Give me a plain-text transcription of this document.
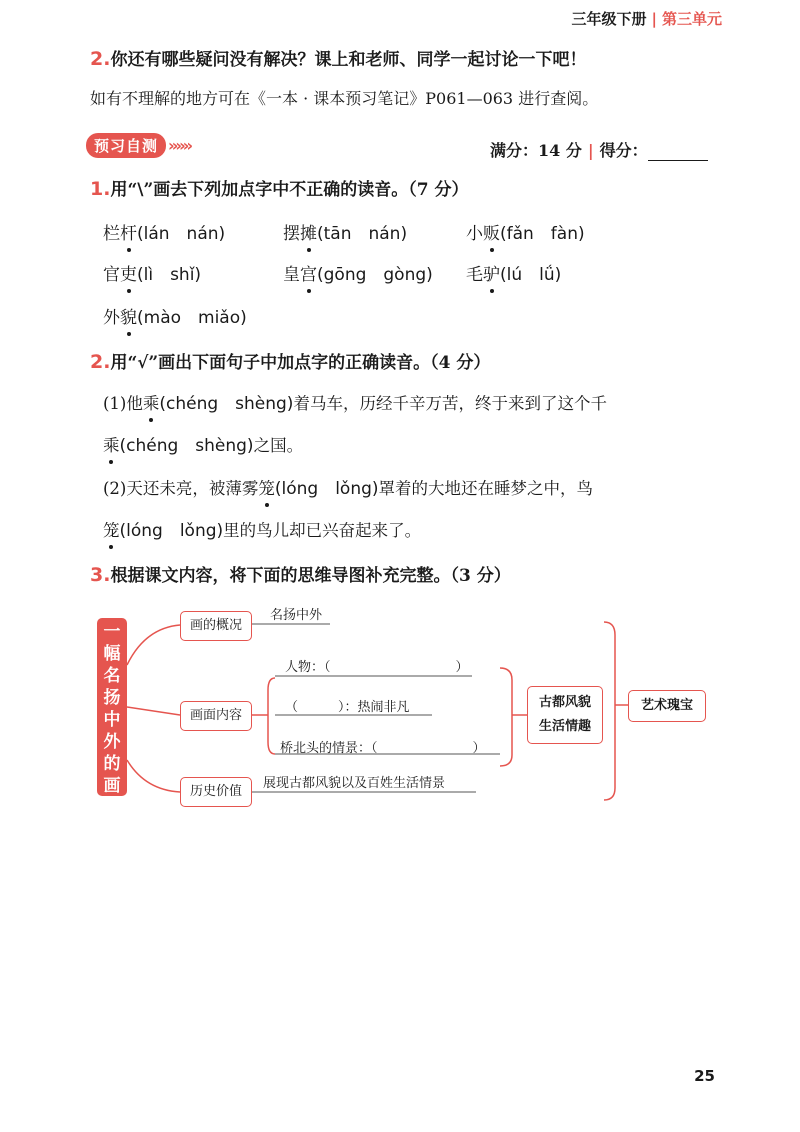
三年级下册 | 第三单元
2.你还有哪些疑问没有解决？课上和老师、同学一起讨论一下吧！
如有不理解的地方可在《一本 · 课本预习笔记》P061—063 进行查阅。
预习自测 »»»	满分：14 分 | 得分：
1.用“\”画去下列加点字中不正确的读音。（7 分）
栏杆(lán　nán)	摆摊(tān　nán)	小贩(fǎn　fàn)
官吏(lì　shǐ)	皇宫(gōng　gòng) 毛驴(lú　lǘ)
外貌(mào　miǎo)
2.用“√”画出下面句子中加点字的正确读音。（4 分）
(1)他乘(chéng　shèng)着马车，历经千辛万苦，终于来到了这个千
乘(chéng　shèng)之国。
(2)天还未亮，被薄雾笼(lóng　lǒng)罩着的大地还在睡梦之中，鸟
笼(lóng　lǒng)里的鸟儿却已兴奋起来了。
3.根据课文内容，将下面的思维导图补充完整。（3 分）
一幅名扬中外的画
画的概况
名扬中外
画面内容
人物：（	）
（	）：热闹非凡
桥北头的情景：（	）
历史价值
展现古都风貌以及百姓生活情景
古都风貌
生活情趣
艺术瑰宝
25
